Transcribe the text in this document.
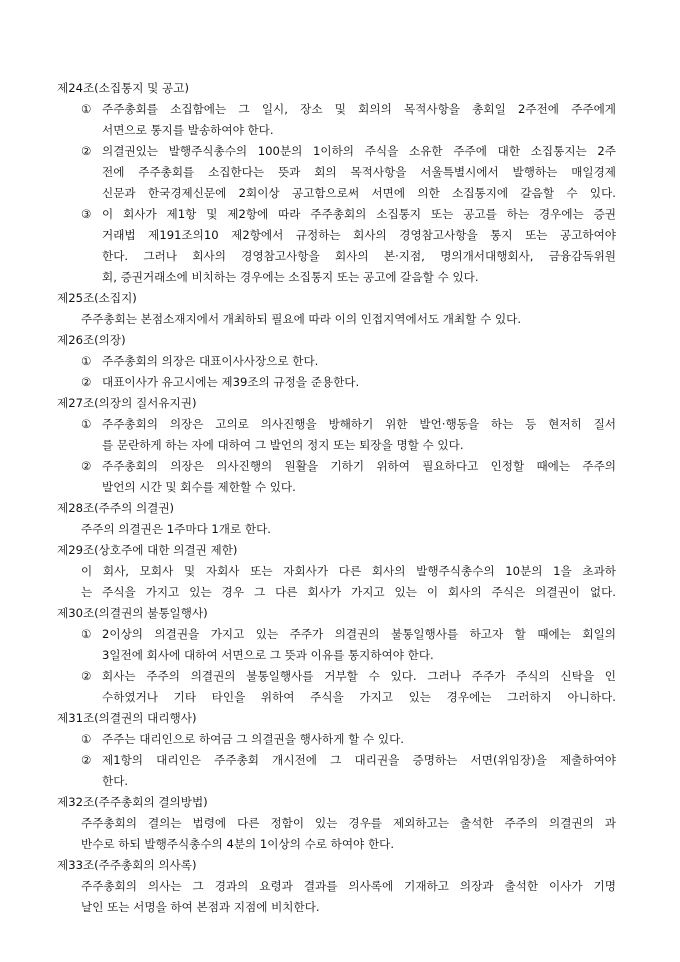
제24조(소집통지 및 공고)
① 주주총회를 소집함에는 그 일시, 장소 및 회의의 목적사항을 총회일 2주전에 주주에게
서면으로 통지를 발송하여야 한다.
② 의결권있는 발행주식총수의 100분의 1이하의 주식을 소유한 주주에 대한 소집통지는 2주
전에 주주총회를 소집한다는 뜻과 회의 목적사항을 서울특별시에서 발행하는 매일경제
신문과 한국경제신문에 2회이상 공고함으로써 서면에 의한 소집통지에 갈음할 수 있다.
③ 이 회사가 제1항 및 제2항에 따라 주주총회의 소집통지 또는 공고를 하는 경우에는 증권
거래법 제191조의10 제2항에서 규정하는 회사의 경영참고사항을 통지 또는 공고하여야
한다. 그러나 회사의 경영참고사항을 회사의 본·지점, 명의개서대행회사, 금융감독위원
회, 증권거래소에 비치하는 경우에는 소집통지 또는 공고에 갈음할 수 있다.
제25조(소집지)
주주총회는 본점소재지에서 개최하되 필요에 따라 이의 인접지역에서도 개최할 수 있다.
제26조(의장)
① 주주총회의 의장은 대표이사사장으로 한다.
② 대표이사가 유고시에는 제39조의 규정을 준용한다.
제27조(의장의 질서유지권)
① 주주총회의 의장은 고의로 의사진행을 방해하기 위한 발언·행동을 하는 등 현저히 질서
를 문란하게 하는 자에 대하여 그 발언의 정지 또는 퇴장을 명할 수 있다.
② 주주총회의 의장은 의사진행의 원활을 기하기 위하여 필요하다고 인정할 때에는 주주의
발언의 시간 및 회수를 제한할 수 있다.
제28조(주주의 의결권)
주주의 의결권은 1주마다 1개로 한다.
제29조(상호주에 대한 의결권 제한)
이 회사, 모회사 및 자회사 또는 자회사가 다른 회사의 발행주식총수의 10분의 1을 초과하
는 주식을 가지고 있는 경우 그 다른 회사가 가지고 있는 이 회사의 주식은 의결권이 없다.
제30조(의결권의 불통일행사)
① 2이상의 의결권을 가지고 있는 주주가 의결권의 불통일행사를 하고자 할 때에는 회일의
3일전에 회사에 대하여 서면으로 그 뜻과 이유를 통지하여야 한다.
② 회사는 주주의 의결권의 불통일행사를 거부할 수 있다. 그러나 주주가 주식의 신탁을 인
수하였거나 기타 타인을 위하여 주식을 가지고 있는 경우에는 그러하지 아니하다.
제31조(의결권의 대리행사)
① 주주는 대리인으로 하여금 그 의결권을 행사하게 할 수 있다.
② 제1항의 대리인은 주주총회 개시전에 그 대리권을 증명하는 서면(위임장)을 제출하여야
한다.
제32조(주주총회의 결의방법)
주주총회의 결의는 법령에 다른 정함이 있는 경우를 제외하고는 출석한 주주의 의결권의 과
반수로 하되 발행주식총수의 4분의 1이상의 수로 하여야 한다.
제33조(주주총회의 의사록)
주주총회의 의사는 그 경과의 요령과 결과를 의사록에 기재하고 의장과 출석한 이사가 기명
날인 또는 서명을 하여 본점과 지점에 비치한다.
